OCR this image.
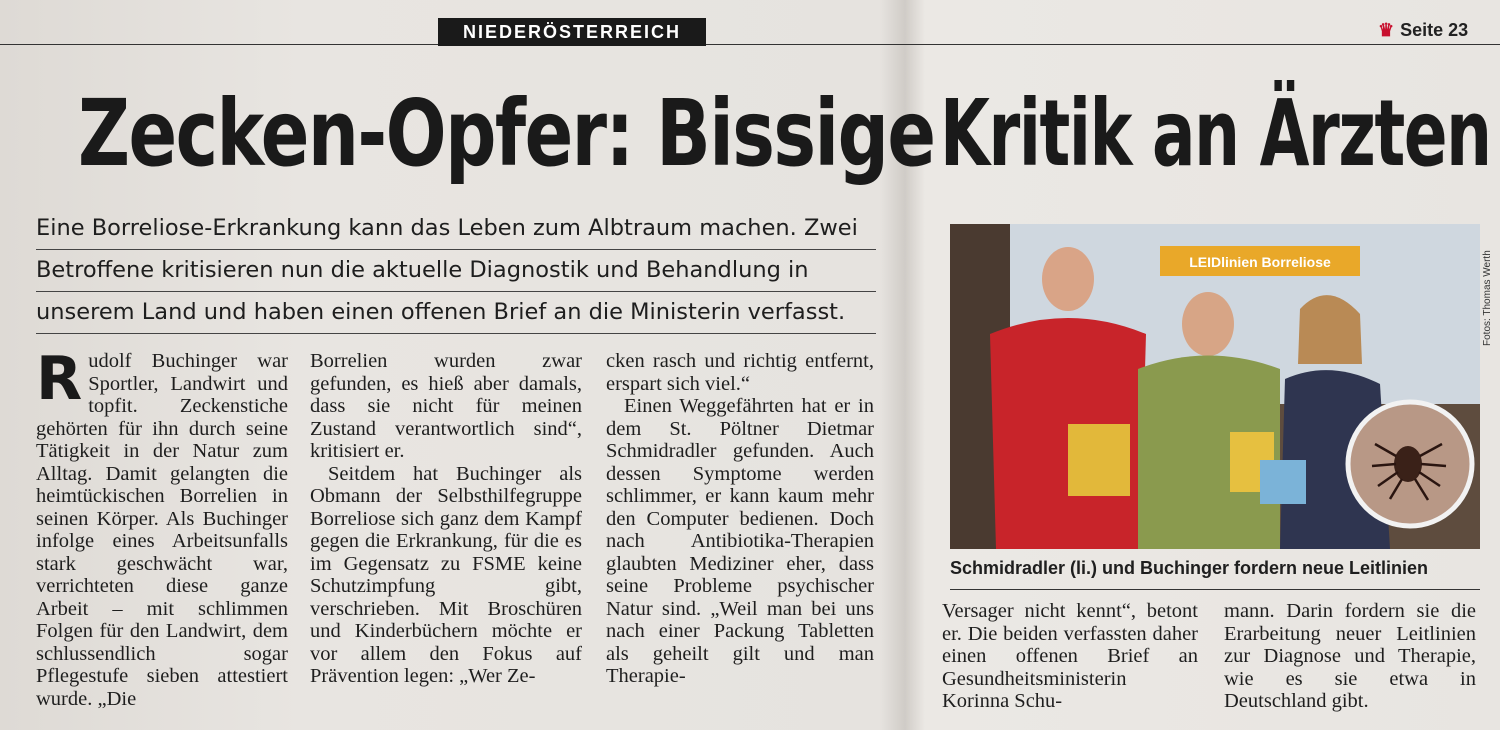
NIEDERÖSTERREICH	♛ Seite 23
Zecken-Opfer: Bissige Kritik an Ärzten
Eine Borreliose-Erkrankung kann das Leben zum Albtraum machen. Zwei
Betroffene kritisieren nun die aktuelle Diagnostik und Behandlung in
unserem Land und haben einen offenen Brief an die Ministerin verfasst.

Rudolf Buchinger war Sportler, Landwirt und topfit. Zeckenstiche gehörten für ihn durch seine Tätigkeit in der Natur zum Alltag. Damit gelangten die heimtückischen Borrelien in seinen Körper. Als Buchinger infolge eines Arbeitsunfalls stark geschwächt war, verrichteten diese ganze Arbeit – mit schlimmen Folgen für den Landwirt, dem schlussendlich sogar Pflegestufe sieben attestiert wurde. „Die

Borrelien wurden zwar gefunden, es hieß aber damals, dass sie nicht für meinen Zustand verantwortlich sind“, kritisiert er.

Seitdem hat Buchinger als Obmann der Selbsthilfegruppe Borreliose sich ganz dem Kampf gegen die Erkrankung, für die es im Gegensatz zu FSME keine Schutzimpfung gibt, verschrieben. Mit Broschüren und Kinderbüchern möchte er vor allem den Fokus auf Prävention legen: „Wer Ze-

cken rasch und richtig entfernt, erspart sich viel.“

Einen Weggefährten hat er in dem St. Pöltner Dietmar Schmidradler gefunden. Auch dessen Symptome werden schlimmer, er kann kaum mehr den Computer bedienen. Doch nach Antibiotika-Therapien glaubten Mediziner eher, dass seine Probleme psychischer Natur sind. „Weil man bei uns nach einer Packung Tabletten als geheilt gilt und man Therapie-

Versager nicht kennt“, betont er. Die beiden verfassten daher einen offenen Brief an Gesundheitsministerin Korinna Schu-

mann. Darin fordern sie die Erarbeitung neuer Leitlinien zur Diagnose und Therapie, wie es sie etwa in Deutschland gibt.

LEIDlinien Borreliose	Fotos: Thomas Werth
Schmidradler (li.) und Buchinger fordern neue Leitlinien
